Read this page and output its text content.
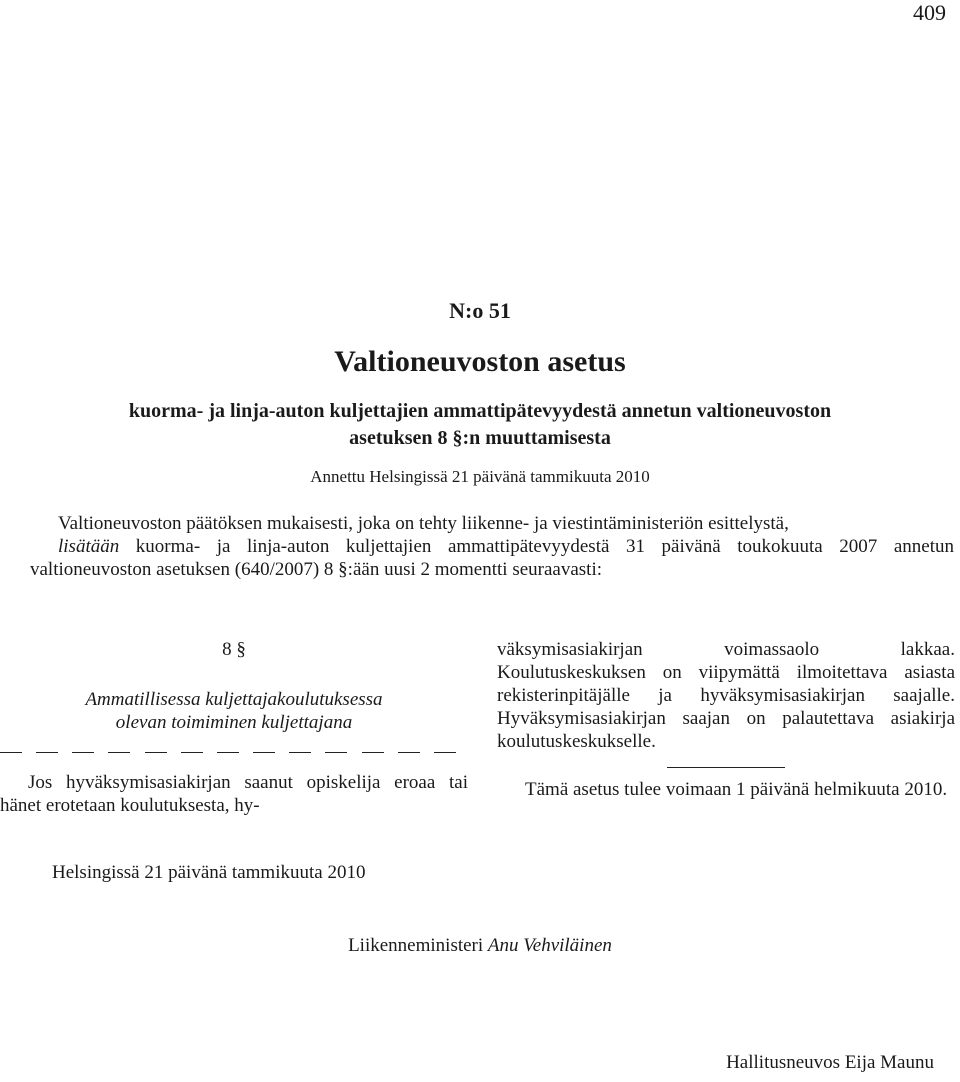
409
N:o 51
Valtioneuvoston asetus
kuorma- ja linja-auton kuljettajien ammattipätevyydestä annetun valtioneuvoston
asetuksen 8 §:n muuttamisesta
Annettu Helsingissä 21 päivänä tammikuuta 2010

Valtioneuvoston päätöksen mukaisesti, joka on tehty liikenne- ja viestintäministeriön esittelystä,

lisätään kuorma- ja linja-auton kuljettajien ammattipätevyydestä 31 päivänä toukokuuta 2007 annetun valtioneuvoston asetuksen (640/2007) 8 §:ään uusi 2 momentti seuraavasti:

8 §
Ammatillisessa kuljettajakoulutuksessa
olevan toimiminen kuljettajana
Jos hyväksymisasiakirjan saanut opiskelija eroaa tai hänet erotetaan koulutuksesta, hy-
väksymisasiakirjan voimassaolo lakkaa. Koulutuskeskuksen on viipymättä ilmoitettava asiasta rekisterinpitäjälle ja hyväksymisasiakirjan saajalle. Hyväksymisasiakirjan saajan on palautettava asiakirja koulutuskeskukselle.
Tämä asetus tulee voimaan 1 päivänä helmikuuta 2010.
Helsingissä 21 päivänä tammikuuta 2010
Liikenneministeri Anu Vehviläinen
Hallitusneuvos Eija Maunu
